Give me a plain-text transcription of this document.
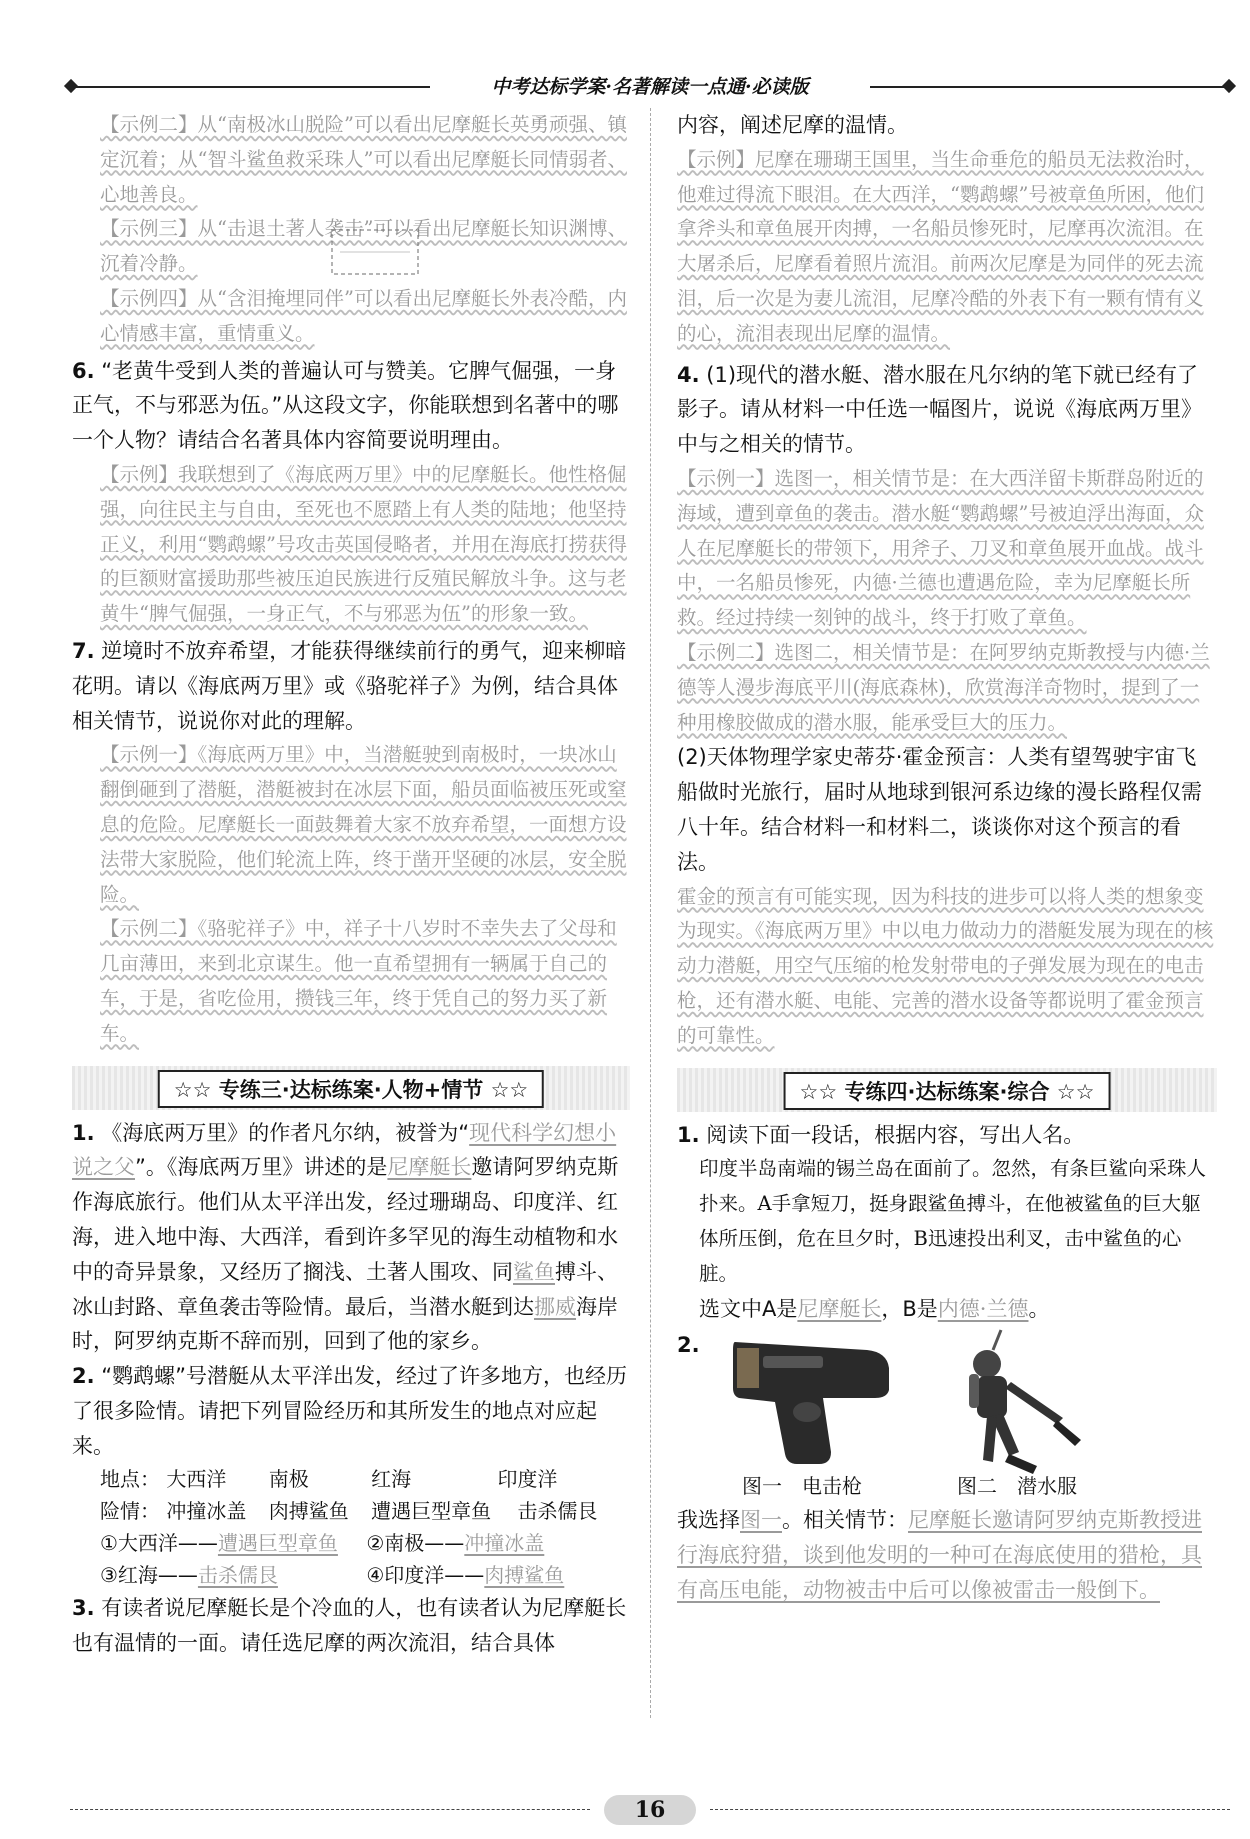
中考达标学案·名著解读一点通·必读版

【示例二】从“南极冰山脱险”可以看出尼摩艇长英勇顽强、镇定沉着；从“智斗鲨鱼救采珠人”可以看出尼摩艇长同情弱者、心地善良。

【示例三】从“击退土著人袭击”可以看出尼摩艇长知识渊博、沉着冷静。

【示例四】从“含泪掩埋同伴”可以看出尼摩艇长外表冷酷，内心情感丰富，重情重义。

6. “老黄牛受到人类的普遍认可与赞美。它脾气倔强，一身正气，不与邪恶为伍。”从这段文字，你能联想到名著中的哪一个人物？请结合名著具体内容简要说明理由。

【示例】我联想到了《海底两万里》中的尼摩艇长。他性格倔强，向往民主与自由，至死也不愿踏上有人类的陆地；他坚持正义，利用“鹦鹉螺”号攻击英国侵略者，并用在海底打捞获得的巨额财富援助那些被压迫民族进行反殖民解放斗争。这与老黄牛“脾气倔强，一身正气，不与邪恶为伍”的形象一致。

7. 逆境时不放弃希望，才能获得继续前行的勇气，迎来柳暗花明。请以《海底两万里》或《骆驼祥子》为例，结合具体相关情节，说说你对此的理解。

【示例一】《海底两万里》中，当潜艇驶到南极时，一块冰山翻倒砸到了潜艇，潜艇被封在冰层下面，船员面临被压死或窒息的危险。尼摩艇长一面鼓舞着大家不放弃希望，一面想方设法带大家脱险，他们轮流上阵，终于凿开坚硬的冰层，安全脱险。

【示例二】《骆驼祥子》中，祥子十八岁时不幸失去了父母和几亩薄田，来到北京谋生。他一直希望拥有一辆属于自己的车，于是，省吃俭用，攒钱三年，终于凭自己的努力买了新车。

☆☆ 专练三·达标练案·人物+情节 ☆☆

1. 《海底两万里》的作者凡尔纳，被誉为“现代科学幻想小说之父”。《海底两万里》讲述的是尼摩艇长邀请阿罗纳克斯作海底旅行。他们从太平洋出发，经过珊瑚岛、印度洋、红海，进入地中海、大西洋，看到许多罕见的海生动植物和水中的奇异景象，又经历了搁浅、土著人围攻、同鲨鱼搏斗、冰山封路、章鱼袭击等险情。最后，当潜水艇到达挪威海岸时，阿罗纳克斯不辞而别，回到了他的家乡。

2. “鹦鹉螺”号潜艇从太平洋出发，经过了许多地方，也经历了很多险情。请把下列冒险经历和其所发生的地点对应起来。

地点： 大西洋 南极	红海	印度洋

险情： 冲撞冰盖 肉搏鲨鱼 遭遇巨型章鱼 击杀儒艮

①大西洋——遭遇巨型章鱼 ②南极——冲撞冰盖

③红海——击杀儒艮	④印度洋——肉搏鲨鱼

3. 有读者说尼摩艇长是个冷血的人，也有读者认为尼摩艇长也有温情的一面。请任选尼摩的两次流泪，结合具体

内容，阐述尼摩的温情。

【示例】尼摩在珊瑚王国里，当生命垂危的船员无法救治时，他难过得流下眼泪。在大西洋，“鹦鹉螺”号被章鱼所困，他们拿斧头和章鱼展开肉搏，一名船员惨死时，尼摩再次流泪。在大屠杀后，尼摩看着照片流泪。前两次尼摩是为同伴的死去流泪，后一次是为妻儿流泪，尼摩冷酷的外表下有一颗有情有义的心，流泪表现出尼摩的温情。

4. (1)现代的潜水艇、潜水服在凡尔纳的笔下就已经有了影子。请从材料一中任选一幅图片，说说《海底两万里》中与之相关的情节。

【示例一】选图一，相关情节是：在大西洋留卡斯群岛附近的海域，遭到章鱼的袭击。潜水艇“鹦鹉螺”号被迫浮出海面，众人在尼摩艇长的带领下，用斧子、刀叉和章鱼展开血战。战斗中，一名船员惨死，内德·兰德也遭遇危险，幸为尼摩艇长所救。经过持续一刻钟的战斗，终于打败了章鱼。

【示例二】选图二，相关情节是：在阿罗纳克斯教授与内德·兰德等人漫步海底平川(海底森林)，欣赏海洋奇物时，提到了一种用橡胶做成的潜水服，能承受巨大的压力。

(2)天体物理学家史蒂芬·霍金预言：人类有望驾驶宇宙飞船做时光旅行，届时从地球到银河系边缘的漫长路程仅需八十年。结合材料一和材料二，谈谈你对这个预言的看法。

霍金的预言有可能实现，因为科技的进步可以将人类的想象变为现实。《海底两万里》中以电力做动力的潜艇发展为现在的核动力潜艇，用空气压缩的枪发射带电的子弹发展为现在的电击枪，还有潜水艇、电能、完善的潜水设备等都说明了霍金预言的可靠性。

☆☆ 专练四·达标练案·综合 ☆☆

1. 阅读下面一段话，根据内容，写出人名。

印度半岛南端的锡兰岛在面前了。忽然，有条巨鲨向采珠人扑来。A手拿短刀，挺身跟鲨鱼搏斗，在他被鲨鱼的巨大躯体所压倒，危在旦夕时，B迅速投出利叉，击中鲨鱼的心脏。

选文中A是尼摩艇长，B是内德·兰德。

2.
图一　电击枪	图二　潜水服

我选择图一。相关情节：尼摩艇长邀请阿罗纳克斯教授进行海底狩猎，谈到他发明的一种可在海底使用的猎枪，具有高压电能，动物被击中后可以像被雷击一般倒下。

16
